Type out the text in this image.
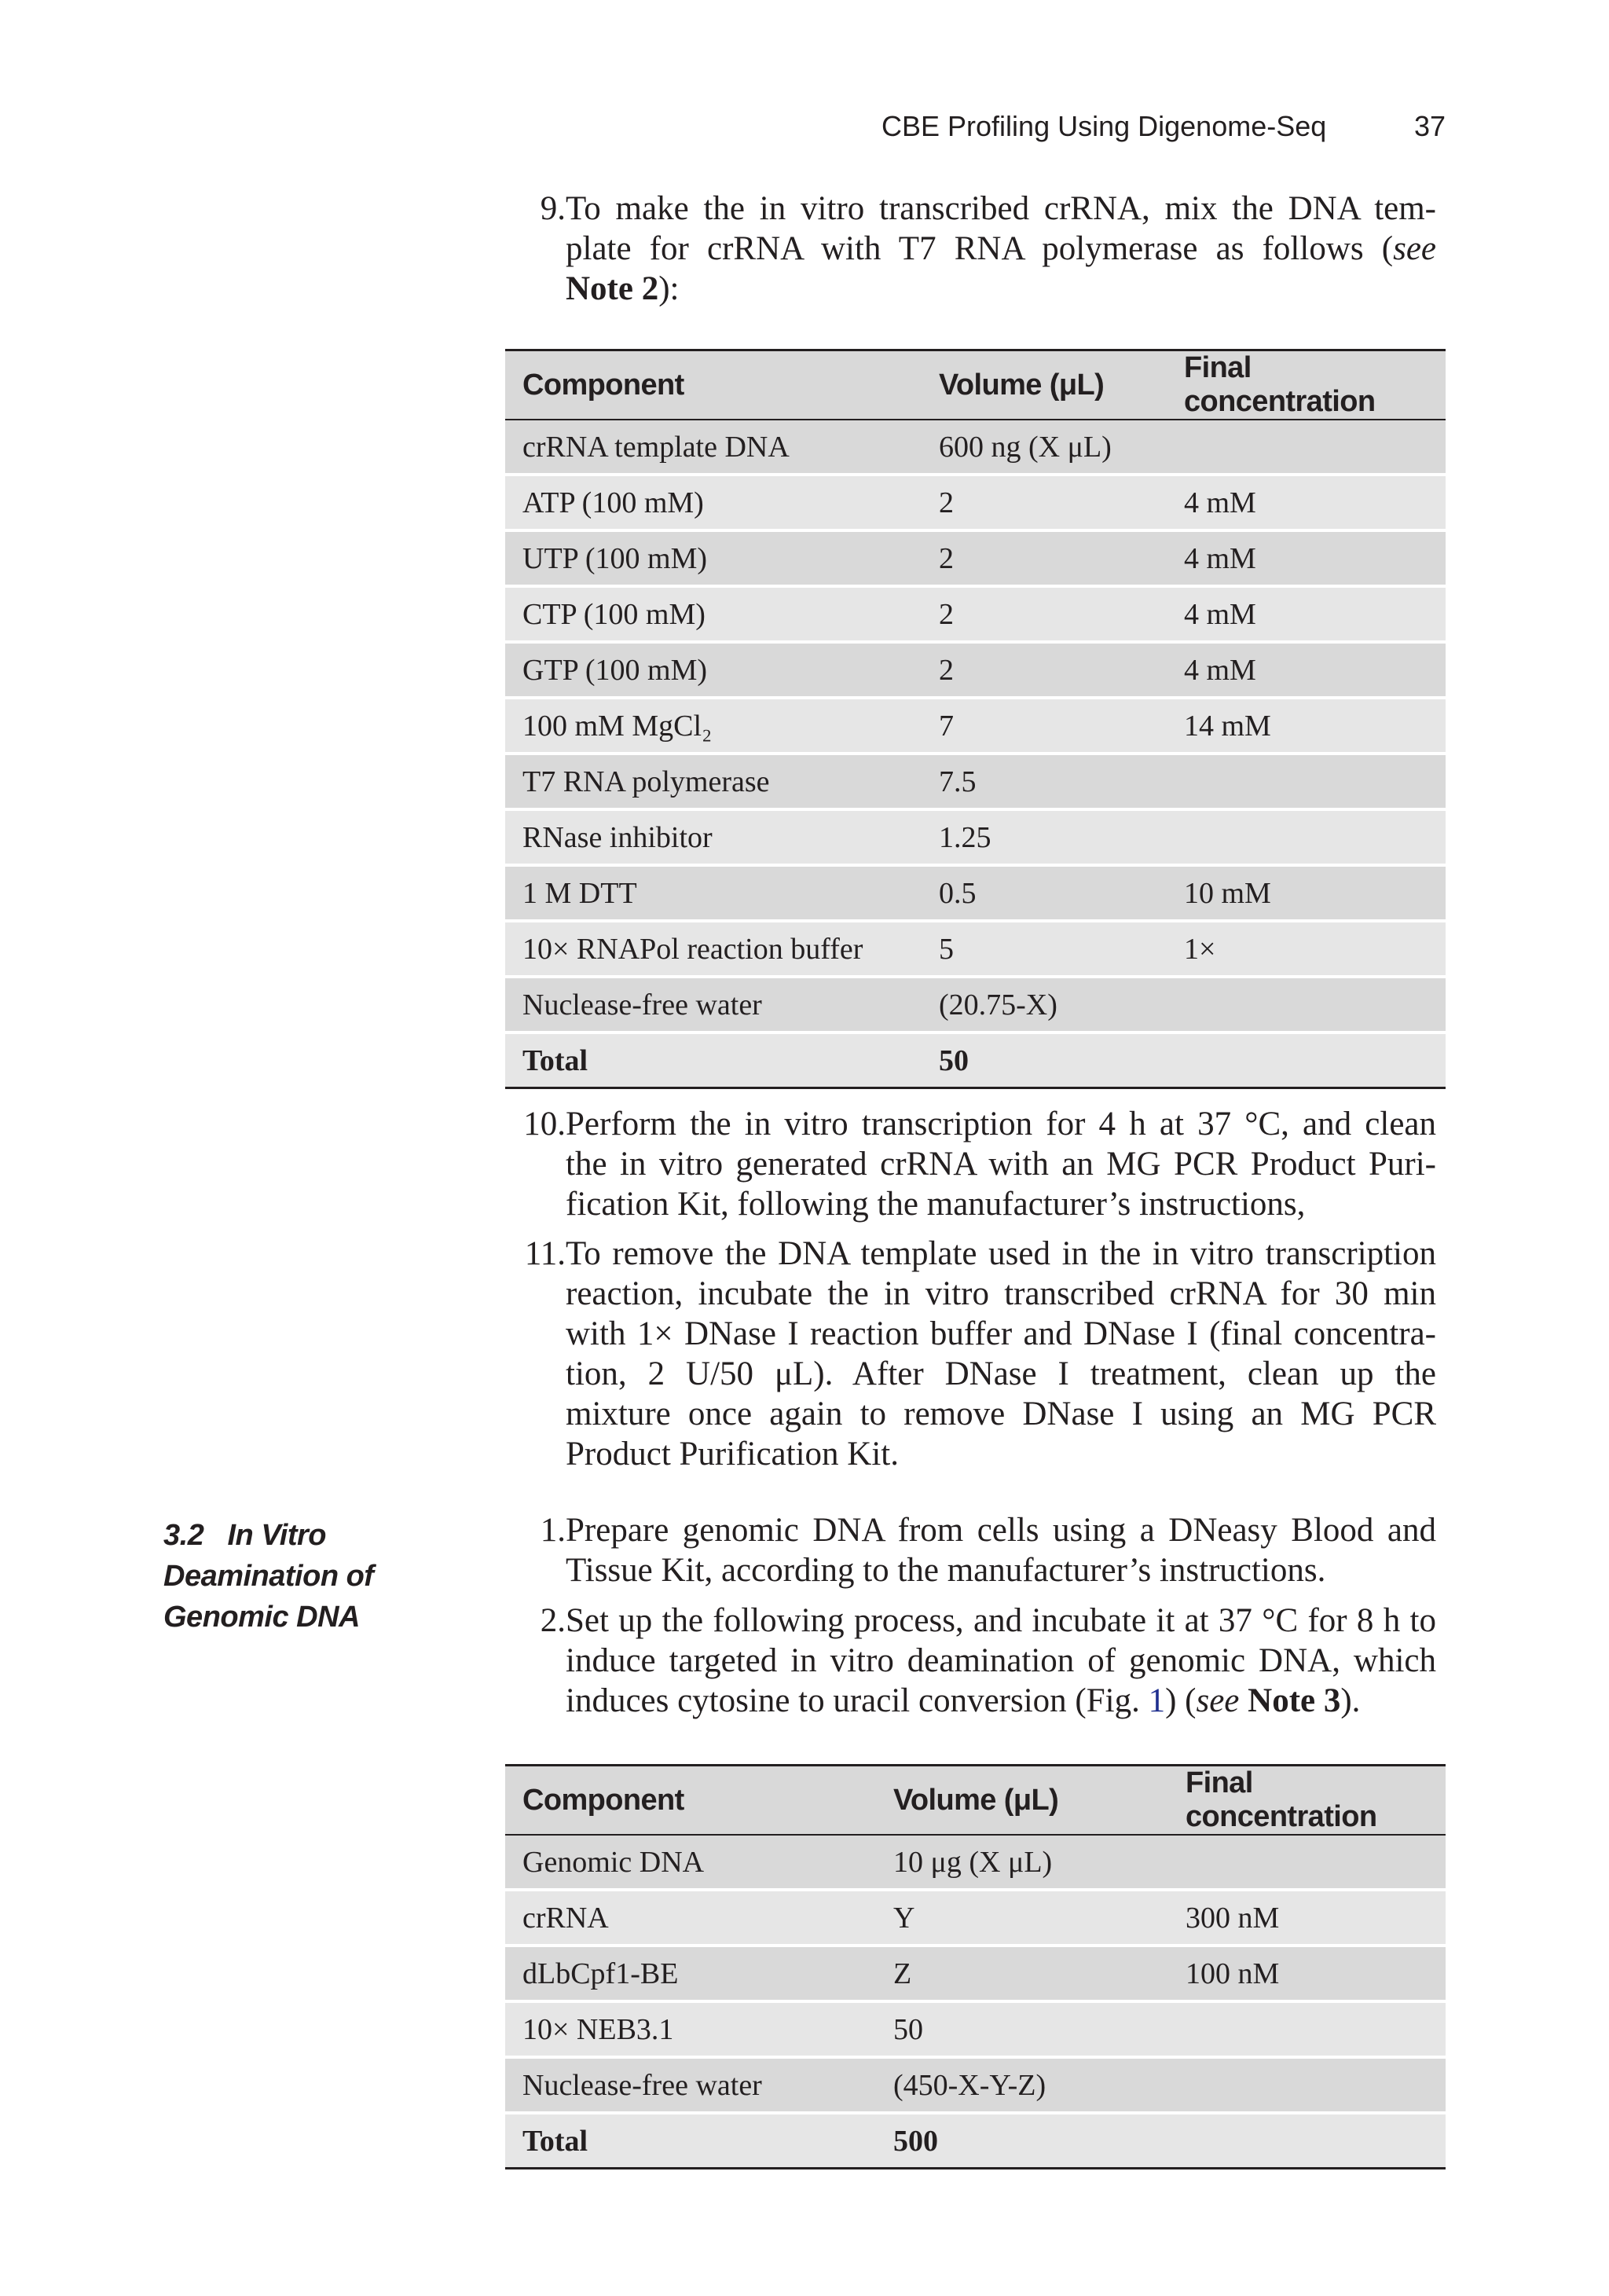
CBE Profiling Using Digenome-Seq	37
9. To make the in vitro transcribed crRNA, mix the DNA tem-
plate for crRNA with T7 RNA polymerase as follows (see
Note 2):
Component	Volume (μL)	Final concentration
crRNA template DNA	600 ng (X μL)	
ATP (100 mM)	2	4 mM
UTP (100 mM)	2	4 mM
CTP (100 mM)	2	4 mM
GTP (100 mM)	2	4 mM
100 mM MgCl₂	7	14 mM
T7 RNA polymerase	7.5	
RNase inhibitor	1.25	
1 M DTT	0.5	10 mM
10× RNAPol reaction buffer	5	1×
Nuclease-free water	(20.75-X)	
Total	50	
10. Perform the in vitro transcription for 4 h at 37 °C, and clean
the in vitro generated crRNA with an MG PCR Product Puri-
fication Kit, following the manufacturer’s instructions,
11. To remove the DNA template used in the in vitro transcription
reaction, incubate the in vitro transcribed crRNA for 30 min
with 1× DNase I reaction buffer and DNase I (final concentra-
tion, 2 U/50 μL). After DNase I treatment, clean up the
mixture once again to remove DNase I using an MG PCR
Product Purification Kit.
3.2   In Vitro
Deamination of
Genomic DNA
1. Prepare genomic DNA from cells using a DNeasy Blood and
Tissue Kit, according to the manufacturer’s instructions.
2. Set up the following process, and incubate it at 37 °C for 8 h to
induce targeted in vitro deamination of genomic DNA, which
induces cytosine to uracil conversion (Fig. 1) (see Note 3).
Component	Volume (μL)	Final concentration
Genomic DNA	10 μg (X μL)	
crRNA	Y	300 nM
dLbCpf1-BE	Z	100 nM
10× NEB3.1	50	
Nuclease-free water	(450-X-Y-Z)	
Total	500	
